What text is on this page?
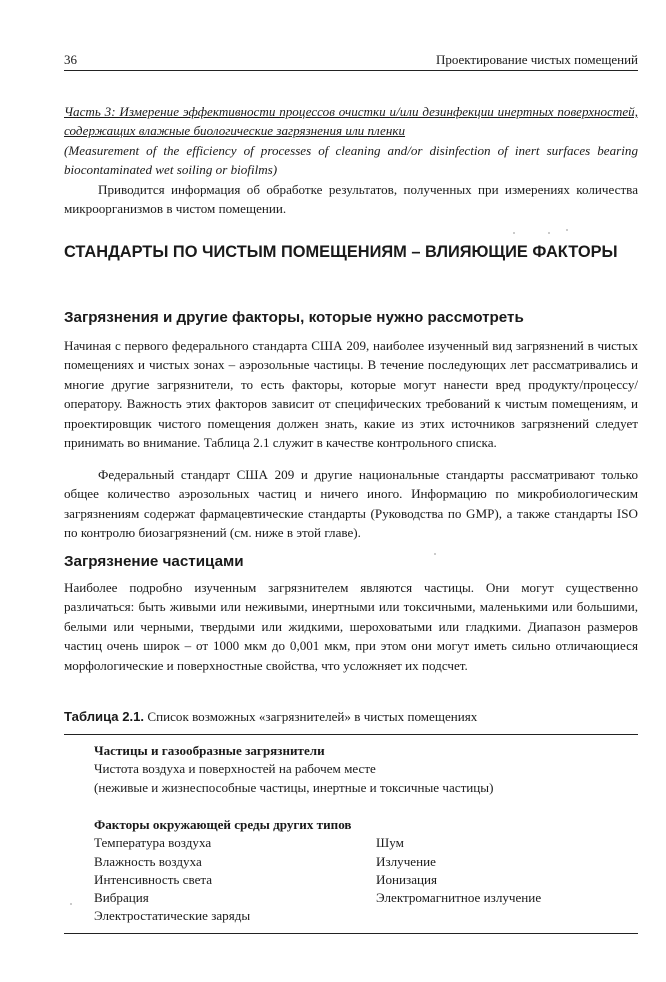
36	Проектирование чистых помещений

Часть 3: Измерение эффективности процессов очистки и/или дезинфекции инертных поверхностей, содержащих влажные биологические загрязнения или пленки
(Measurement of the efficiency of processes of cleaning and/or disinfection of inert surfaces bearing biocontaminated wet soiling or biofilms)

Приводится информация об обработке результатов, полученных при измерениях количества микроорганизмов в чистом помещении.

СТАНДАРТЫ ПО ЧИСТЫМ ПОМЕЩЕНИЯМ – ВЛИЯЮЩИЕ ФАКТОРЫ
Загрязнения и другие факторы, которые нужно рассмотреть

Начиная с первого федерального стандарта США 209, наиболее изученный вид загрязнений в чистых помещениях и чистых зонах – аэрозольные частицы. В течение последующих лет рассматривались и многие другие загрязнители, то есть факторы, которые могут нанести вред продукту/процессу/оператору. Важность этих факторов зависит от специфических требований к чистым помещениям, и проектировщик чистого помещения должен знать, какие из этих источников загрязнений следует принимать во внимание. Таблица 2.1 служит в качестве контрольного списка.

Федеральный стандарт США 209 и другие национальные стандарты рассматривают только общее количество аэрозольных частиц и ничего иного. Информацию по микробиологическим загрязнениям содержат фармацевтические стандарты (Руководства по GMP), а также стандарты ISO по контролю биозагрязнений (см. ниже в этой главе).

Загрязнение частицами

Наиболее подробно изученным загрязнителем являются частицы. Они могут существенно различаться: быть живыми или неживыми, инертными или токсичными, маленькими или большими, белыми или черными, твердыми или жидкими, шероховатыми или гладкими. Диапазон размеров частиц очень широк – от 1000 мкм до 0,001 мкм, при этом они могут иметь сильно отличающиеся морфологические и поверхностные свойства, что усложняет их подсчет.

Таблица 2.1. Список возможных «загрязнителей» в чистых помещениях

Частицы и газообразные загрязнители
Чистота воздуха и поверхностей на рабочем месте
(неживые и жизнеспособные частицы, инертные и токсичные частицы)
Факторы окружающей среды других типов
Температура воздуха	Шум
Влажность воздуха	Излучение
Интенсивность света	Ионизация
Вибрация	Электромагнитное излучение
Электростатические заряды
